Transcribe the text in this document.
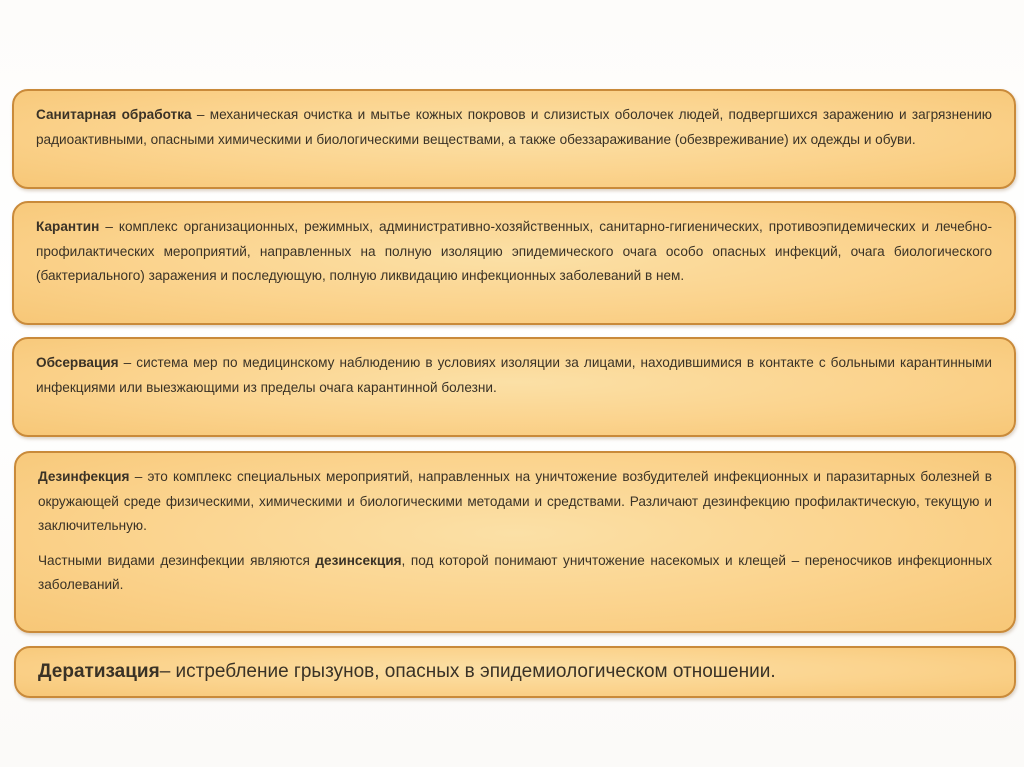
Санитарная обработка – механическая очистка и мытье кожных покровов и слизистых оболочек людей, подвергшихся заражению и загрязнению радиоактивными, опасными химическими и биологическими веществами, а также обеззараживание (обезвреживание) их одежды и обуви.

Карантин – комплекс организационных, режимных, административно-хозяйственных, санитарно-гигиенических, противоэпидемических и лечебно-профилактических мероприятий, направленных на полную изоляцию эпидемического очага особо опасных инфекций, очага биологического (бактериального) заражения и последующую, полную ликвидацию инфекционных заболеваний в нем.

Обсервация – система мер по медицинскому наблюдению в условиях изоляции за лицами, находившимися в контакте с больными карантинными инфекциями или выезжающими из пределы очага карантинной болезни.

Дезинфекция – это комплекс специальных мероприятий, направленных на уничтожение возбудителей инфекционных и паразитарных болезней в окружающей среде физическими, химическими и биологическими методами и средствами. Различают дезинфекцию профилактическую, текущую и заключительную.

Частными видами дезинфекции являются дезинсекция, под которой понимают уничтожение насекомых и клещей – переносчиков инфекционных заболеваний.

Дератизация– истребление грызунов, опасных в эпидемиологическом отношении.
